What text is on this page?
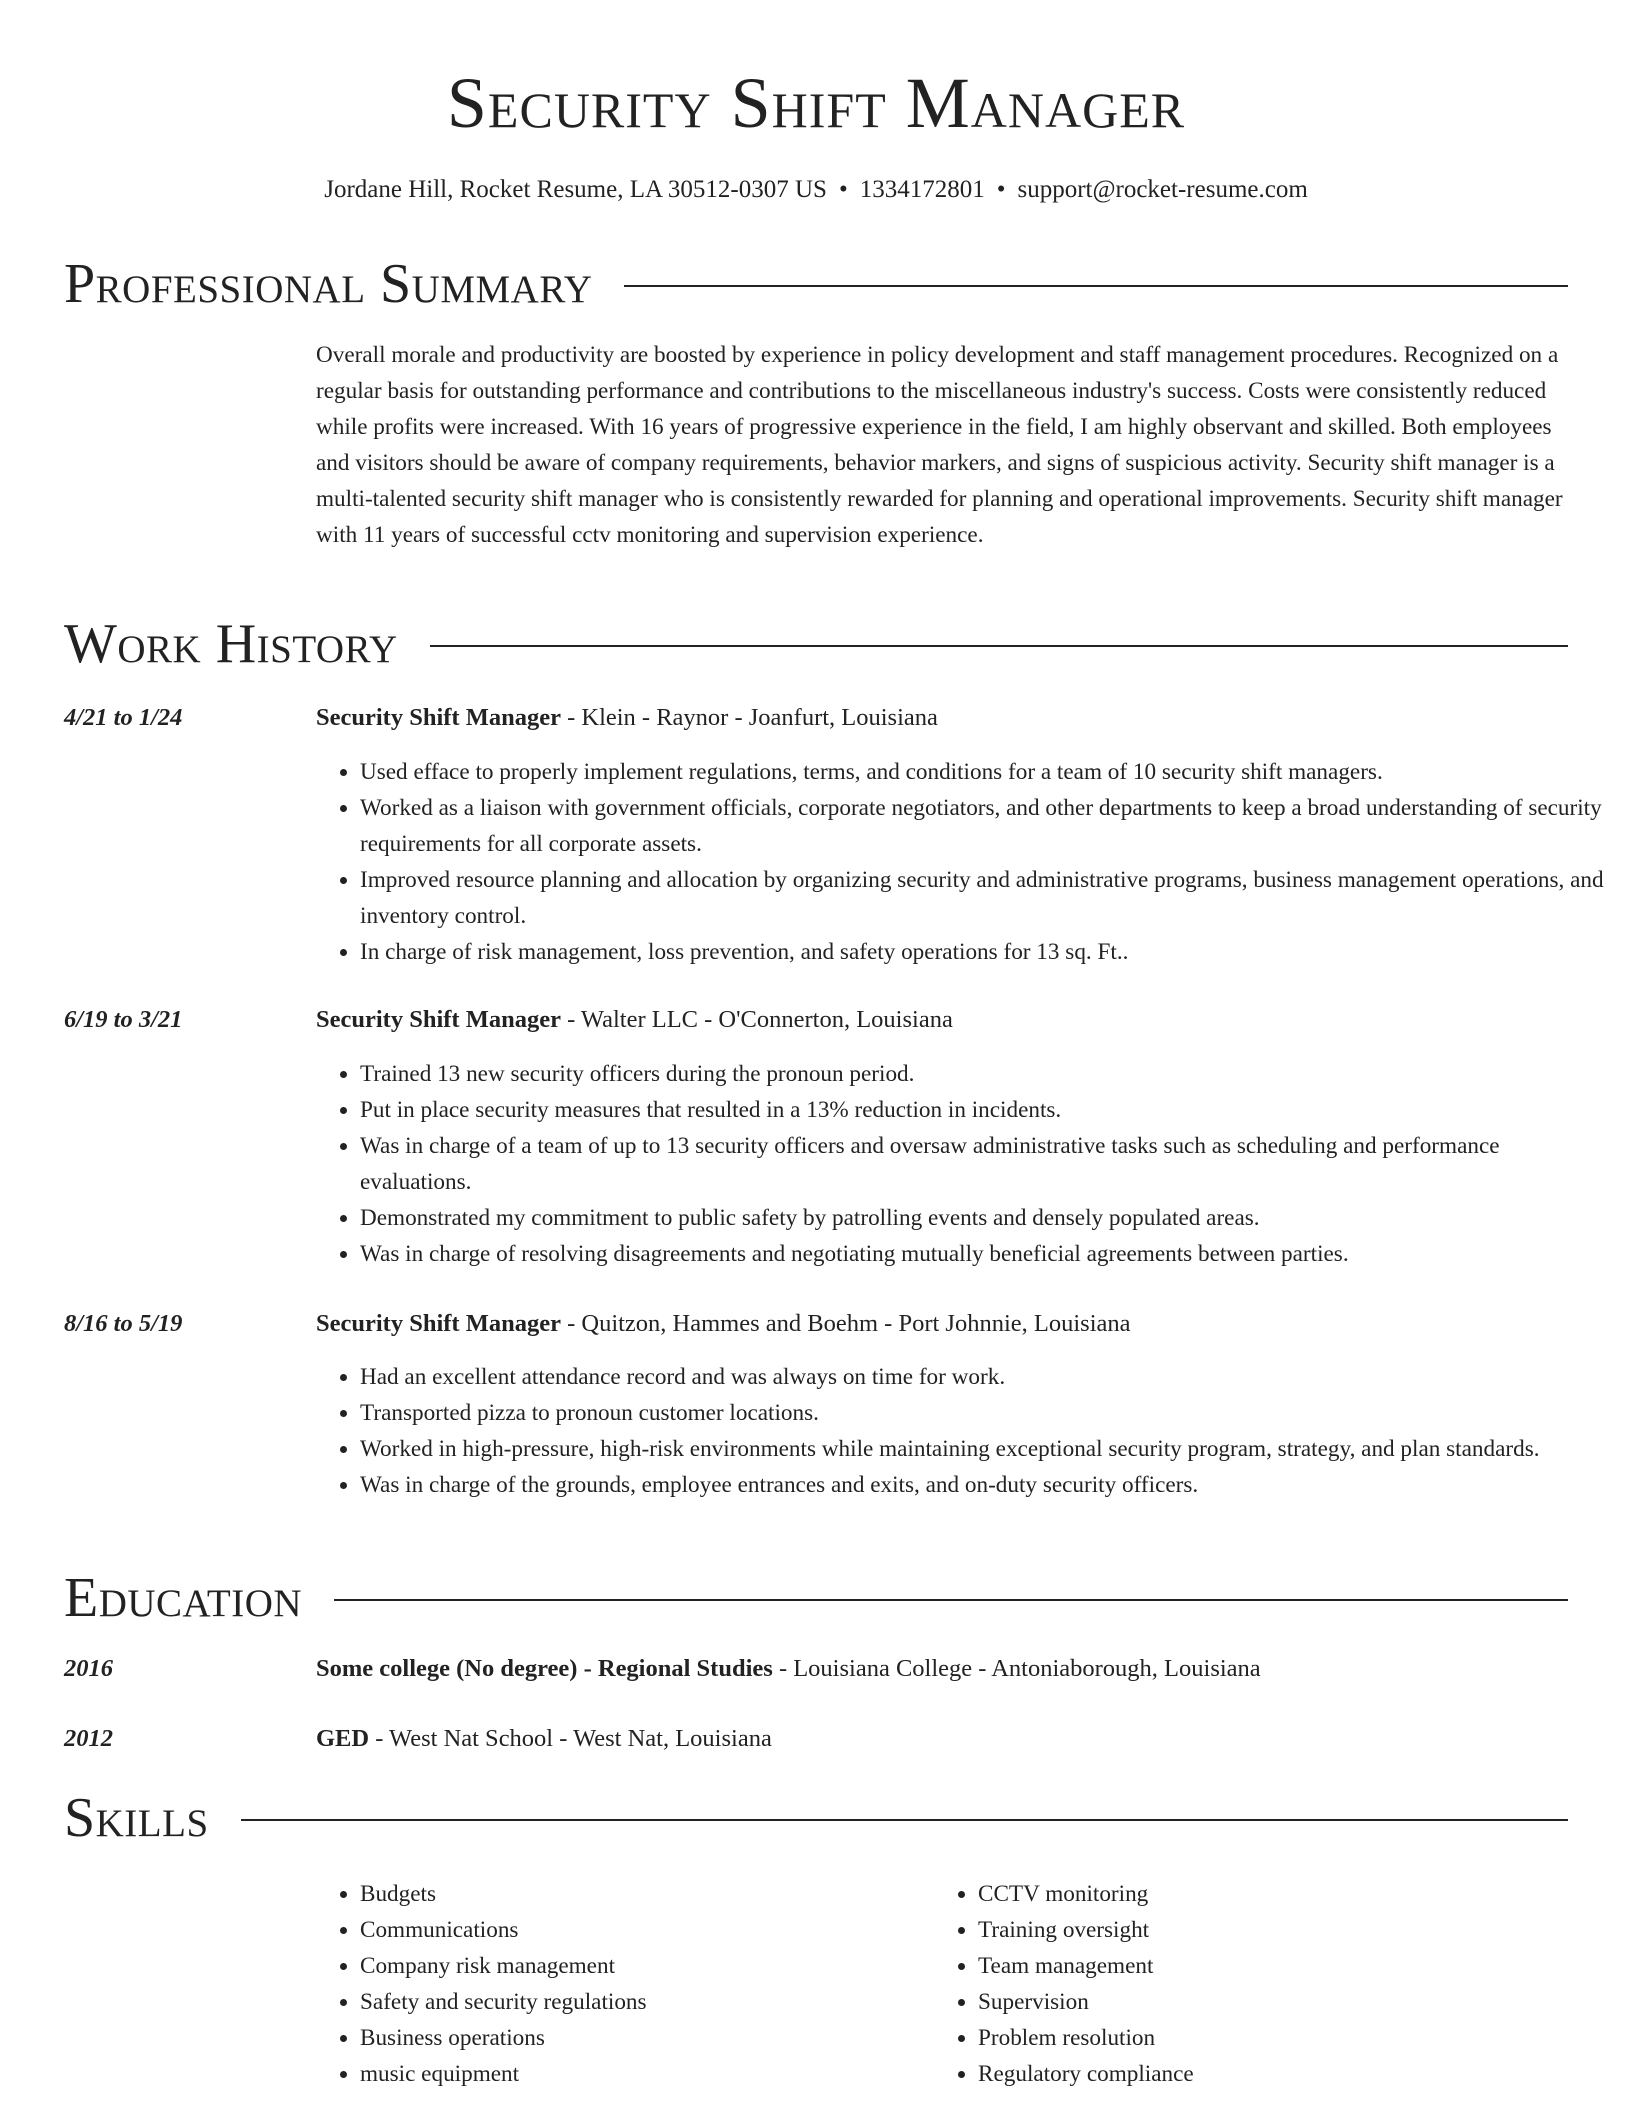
Security Shift Manager
Jordane Hill, Rocket Resume, LA 30512-0307 US • 1334172801 • support@rocket-resume.com
Professional Summary

Overall morale and productivity are boosted by experience in policy development and staff management procedures. Recognized on a regular basis for outstanding performance and contributions to the miscellaneous industry's success. Costs were consistently reduced while profits were increased. With 16 years of progressive experience in the field, I am highly observant and skilled. Both employees and visitors should be aware of company requirements, behavior markers, and signs of suspicious activity. Security shift manager is a multi-talented security shift manager who is consistently rewarded for planning and operational improvements. Security shift manager with 11 years of successful cctv monitoring and supervision experience.

Work History
4/21 to 1/24	Security Shift Manager - Klein - Raynor - Joanfurt, Louisiana
• Used efface to properly implement regulations, terms, and conditions for a team of 10 security shift managers.
• Worked as a liaison with government officials, corporate negotiators, and other departments to keep a broad understanding of security requirements for all corporate assets.
• Improved resource planning and allocation by organizing security and administrative programs, business management operations, and inventory control.
• In charge of risk management, loss prevention, and safety operations for 13 sq. Ft..
6/19 to 3/21	Security Shift Manager - Walter LLC - O'Connerton, Louisiana
• Trained 13 new security officers during the pronoun period.
• Put in place security measures that resulted in a 13% reduction in incidents.
• Was in charge of a team of up to 13 security officers and oversaw administrative tasks such as scheduling and performance evaluations.
• Demonstrated my commitment to public safety by patrolling events and densely populated areas.
• Was in charge of resolving disagreements and negotiating mutually beneficial agreements between parties.
8/16 to 5/19	Security Shift Manager - Quitzon, Hammes and Boehm - Port Johnnie, Louisiana
• Had an excellent attendance record and was always on time for work.
• Transported pizza to pronoun customer locations.
• Worked in high-pressure, high-risk environments while maintaining exceptional security program, strategy, and plan standards.
• Was in charge of the grounds, employee entrances and exits, and on-duty security officers.
Education
2016	Some college (No degree) - Regional Studies - Louisiana College - Antoniaborough, Louisiana
2012	GED - West Nat School - West Nat, Louisiana
Skills
• Budgets
• Communications
• Company risk management
• Safety and security regulations
• Business operations
• music equipment
• CCTV monitoring
• Training oversight
• Team management
• Supervision
• Problem resolution
• Regulatory compliance
